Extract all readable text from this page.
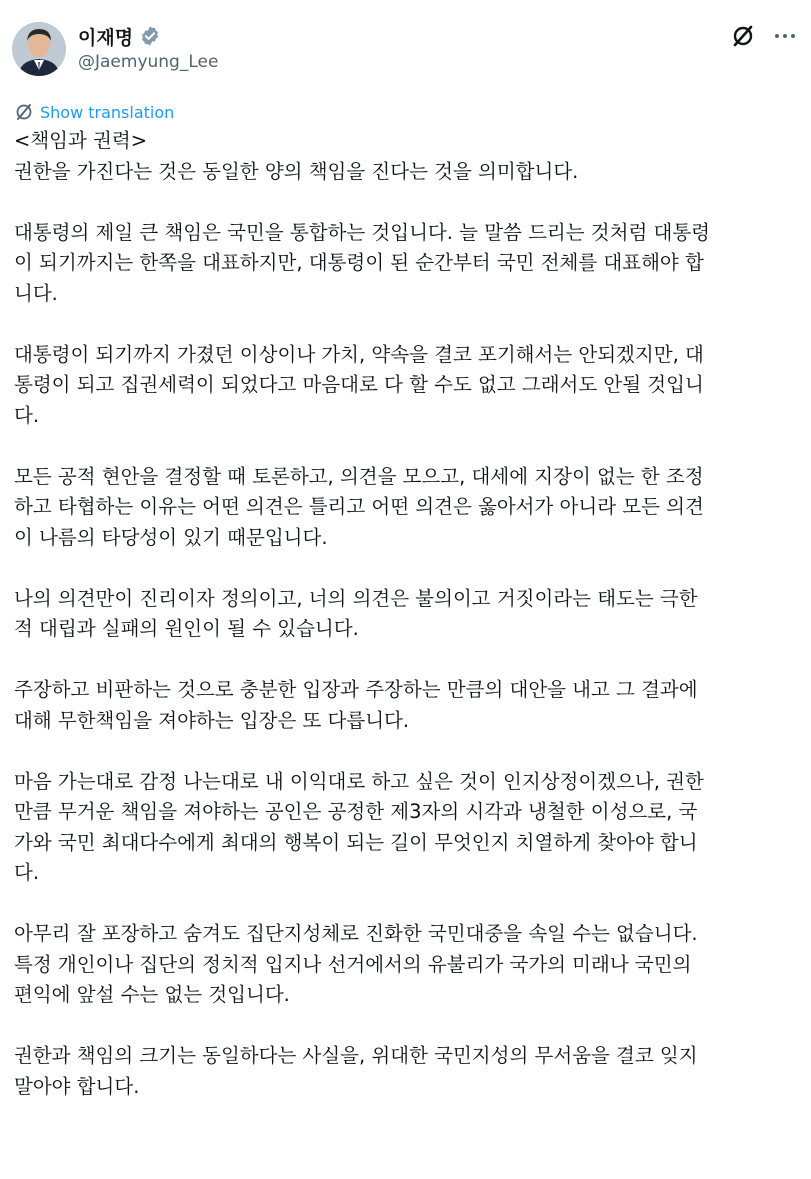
이재명
@Jaemyung_Lee
Show translation
<책임과 권력>
권한을 가진다는 것은 동일한 양의 책임을 진다는 것을 의미합니다.
대통령의 제일 큰 책임은 국민을 통합하는 것입니다. 늘 말씀 드리는 것처럼 대통령
이 되기까지는 한쪽을 대표하지만, 대통령이 된 순간부터 국민 전체를 대표해야 합
니다.
대통령이 되기까지 가졌던 이상이나 가치, 약속을 결코 포기해서는 안되겠지만, 대
통령이 되고 집권세력이 되었다고 마음대로 다 할 수도 없고 그래서도 안될 것입니
다.
모든 공적 현안을 결정할 때 토론하고, 의견을 모으고, 대세에 지장이 없는 한 조정
하고 타협하는 이유는 어떤 의견은 틀리고 어떤 의견은 옳아서가 아니라 모든 의견
이 나름의 타당성이 있기 때문입니다.
나의 의견만이 진리이자 정의이고, 너의 의견은 불의이고 거짓이라는 태도는 극한
적 대립과 실패의 원인이 될 수 있습니다.
주장하고 비판하는 것으로 충분한 입장과 주장하는 만큼의 대안을 내고 그 결과에
대해 무한책임을 져야하는 입장은 또 다릅니다.
마음 가는대로 감정 나는대로 내 이익대로 하고 싶은 것이 인지상정이겠으나, 권한
만큼 무거운 책임을 져야하는 공인은 공정한 제3자의 시각과 냉철한 이성으로, 국
가와 국민 최대다수에게 최대의 행복이 되는 길이 무엇인지 치열하게 찾아야 합니
다.
아무리 잘 포장하고 숨겨도 집단지성체로 진화한 국민대중을 속일 수는 없습니다.
특정 개인이나 집단의 정치적 입지나 선거에서의 유불리가 국가의 미래나 국민의
편익에 앞설 수는 없는 것입니다.
권한과 책임의 크기는 동일하다는 사실을, 위대한 국민지성의 무서움을 결코 잊지
말아야 합니다.
